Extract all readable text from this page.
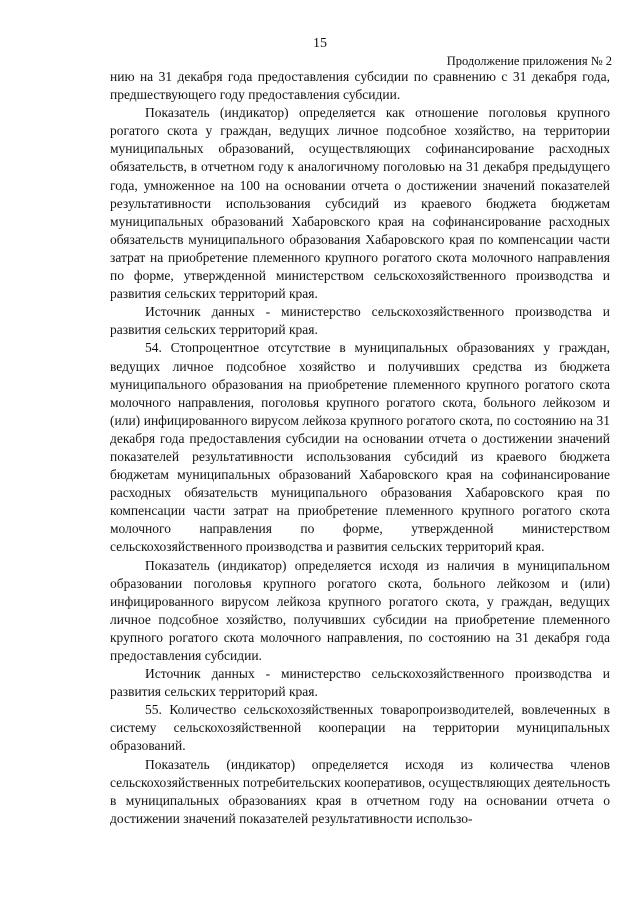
15
Продолжение приложения № 2

нию на 31 декабря года предоставления субсидии по сравнению с 31 декабря года, предшествующего году предоставления субсидии.

Показатель (индикатор) определяется как отношение поголовья крупного рогатого скота у граждан, ведущих личное подсобное хозяйство, на территории муниципальных образований, осуществляющих софинансирование расходных обязательств, в отчетном году к аналогичному поголовью на 31 декабря предыдущего года, умноженное на 100 на основании отчета о достижении значений показателей результативности использования субсидий из краевого бюджета бюджетам муниципальных образований Хабаровского края на софинансирование расходных обязательств муниципального образования Хабаровского края по компенсации части затрат на приобретение племенного крупного рогатого скота молочного направления по форме, утвержденной министерством сельскохозяйственного производства и развития сельских территорий края.

Источник данных - министерство сельскохозяйственного производства и развития сельских территорий края.

54. Стопроцентное отсутствие в муниципальных образованиях у граждан, ведущих личное подсобное хозяйство и получивших средства из бюджета муниципального образования на приобретение племенного крупного рогатого скота молочного направления, поголовья крупного рогатого скота, больного лейкозом и (или) инфицированного вирусом лейкоза крупного рогатого скота, по состоянию на 31 декабря года предоставления субсидии на основании отчета о достижении значений показателей результативности использования субсидий из краевого бюджета бюджетам муниципальных образований Хабаровского края на софинансирование расходных обязательств муниципального образования Хабаровского края по компенсации части затрат на приобретение племенного крупного рогатого скота молочного направления по форме, утвержденной министерством сельскохозяйственного производства и развития сельских территорий края.

Показатель (индикатор) определяется исходя из наличия в муниципальном образовании поголовья крупного рогатого скота, больного лейкозом и (или) инфицированного вирусом лейкоза крупного рогатого скота, у граждан, ведущих личное подсобное хозяйство, получивших субсидии на приобретение племенного крупного рогатого скота молочного направления, по состоянию на 31 декабря года предоставления субсидии.

Источник данных - министерство сельскохозяйственного производства и развития сельских территорий края.

55. Количество сельскохозяйственных товаропроизводителей, вовлеченных в систему сельскохозяйственной кооперации на территории муниципальных образований.

Показатель (индикатор) определяется исходя из количества членов сельскохозяйственных потребительских кооперативов, осуществляющих деятельность в муниципальных образованиях края в отчетном году на основании отчета о достижении значений показателей результативности использо-
